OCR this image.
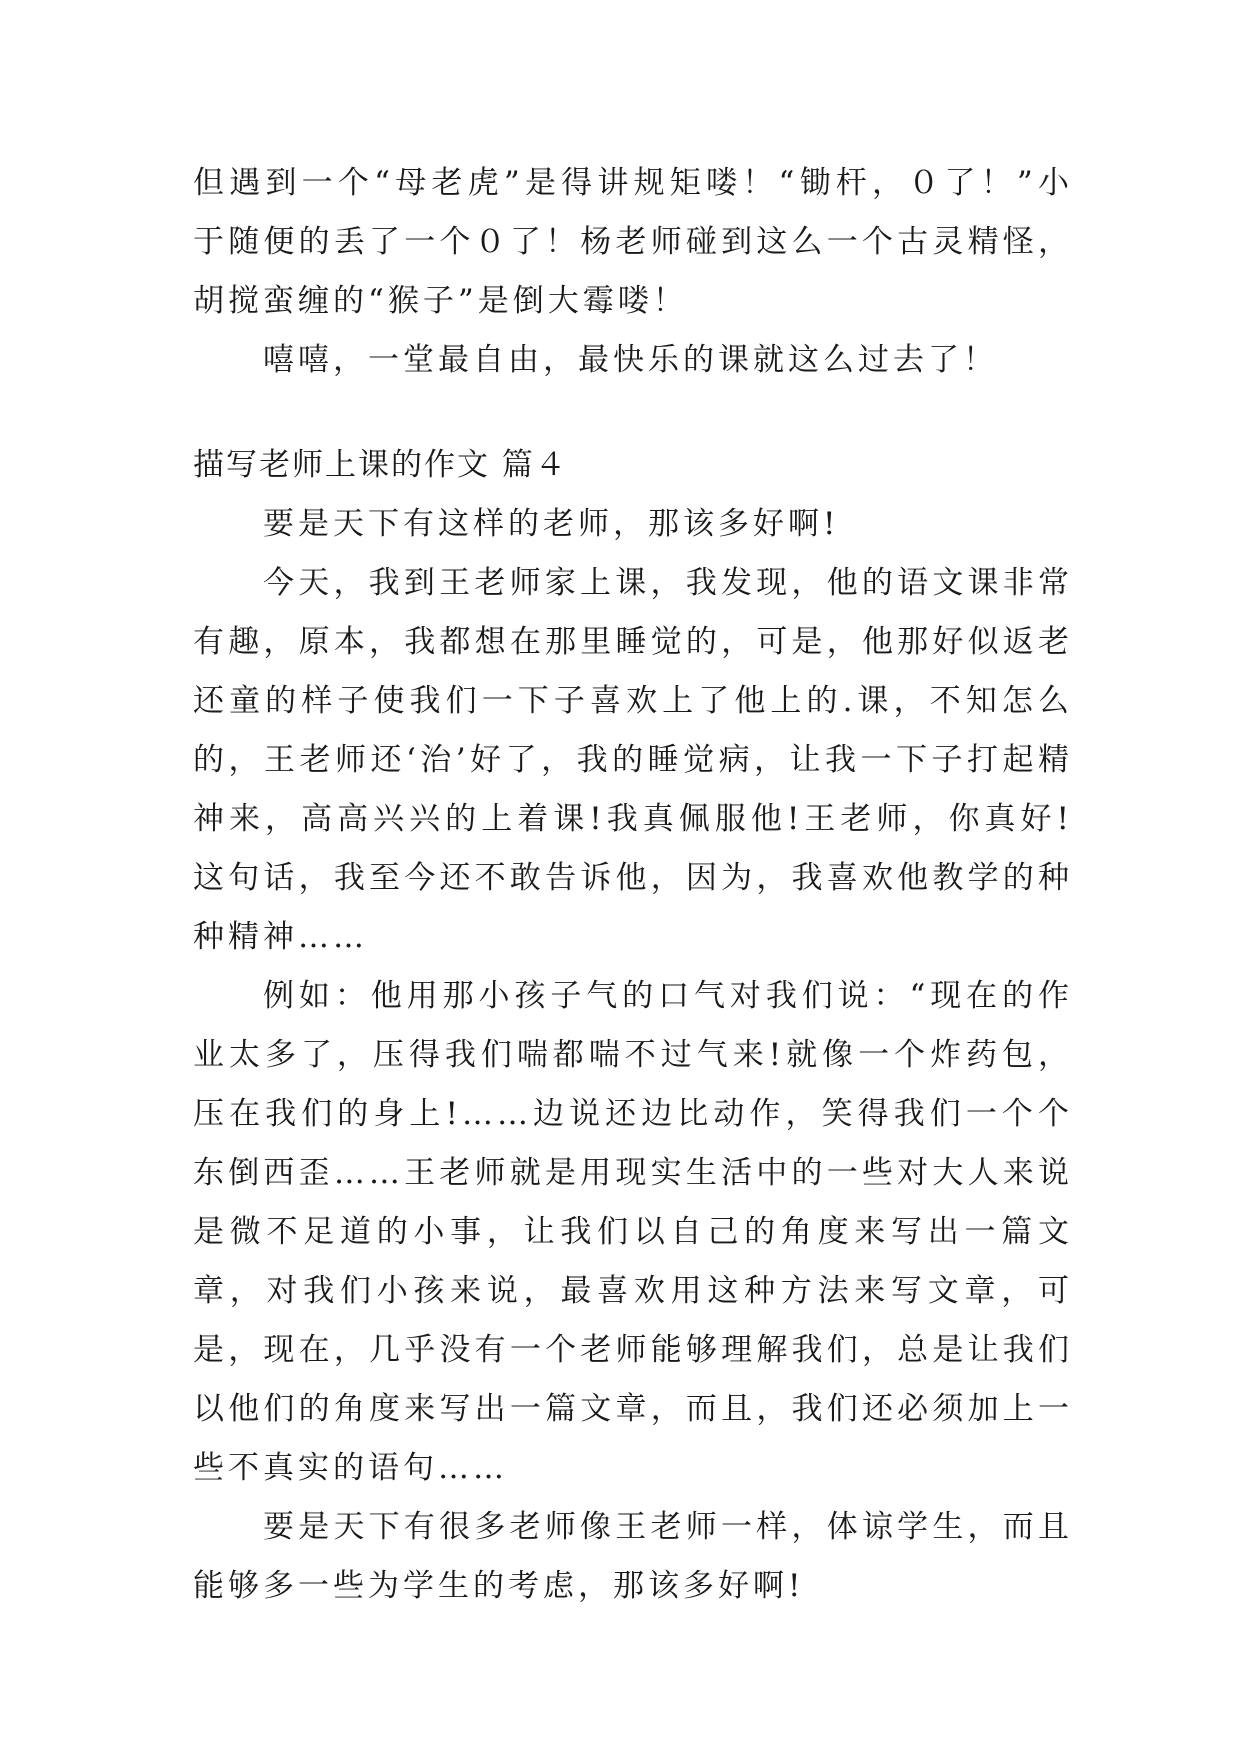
但遇到一个“母老虎”是得讲规矩喽！“锄杆，０了！”小于随便的丢了一个０了！杨老师碰到这么一个古灵精怪，胡搅蛮缠的“猴子”是倒大霉喽！

嘻嘻，一堂最自由，最快乐的课就这么过去了！

描写老师上课的作文 篇４

要是天下有这样的老师，那该多好啊!

今天，我到王老师家上课，我发现，他的语文课非常有趣，原本，我都想在那里睡觉的，可是，他那好似返老还童的样子使我们一下子喜欢上了他上的.课，不知怎么的，王老师还‘治’好了，我的睡觉病，让我一下子打起精神来，高高兴兴的上着课!我真佩服他!王老师，你真好!这句话，我至今还不敢告诉他，因为，我喜欢他教学的种种精神……

例如：他用那小孩子气的口气对我们说：“现在的作业太多了，压得我们喘都喘不过气来!就像一个炸药包，压在我们的身上!……边说还边比动作，笑得我们一个个东倒西歪……王老师就是用现实生活中的一些对大人来说是微不足道的小事，让我们以自己的角度来写出一篇文章，对我们小孩来说，最喜欢用这种方法来写文章，可是，现在，几乎没有一个老师能够理解我们，总是让我们以他们的角度来写出一篇文章，而且，我们还必须加上一些不真实的语句……

要是天下有很多老师像王老师一样，体谅学生，而且能够多一些为学生的考虑，那该多好啊!
